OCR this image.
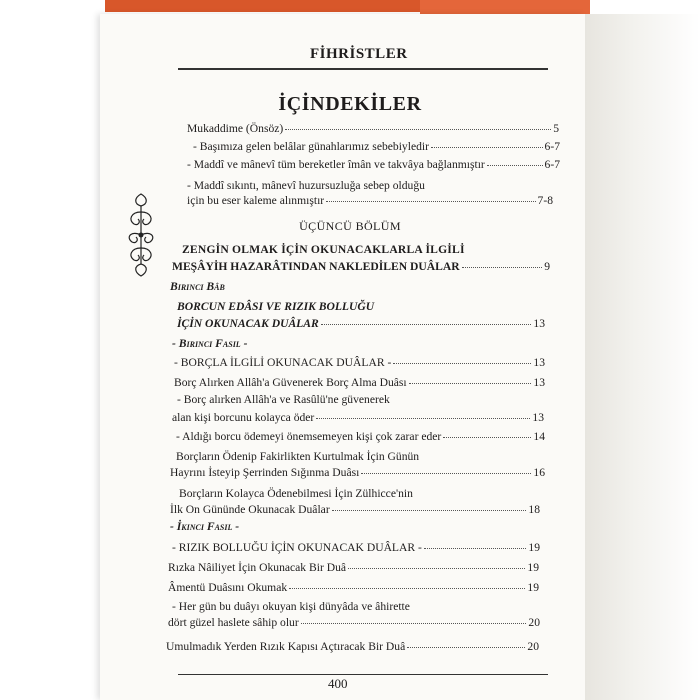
FİHRİSTLER
İÇİNDEKİLER
Mukaddime (Önsöz)	5
- Başımıza gelen belâlar günahlarımız sebebiyledir	6-7
- Maddî ve mânevî tüm bereketler îmân ve takvâya bağlanmıştır	6-7
- Maddî sıkıntı, mânevî huzursuzluğa sebep olduğu
için bu eser kaleme alınmıştır	7-8
ÜÇÜNCÜ BÖLÜM
ZENGİN OLMAK İÇİN OKUNACAKLARLA İLGİLİ
MEŞÂYİH HAZARÂTINDAN NAKLEDİLEN DUÂLAR	9
Birinci Bâb
BORCUN EDÂSI VE RIZIK BOLLUĞU
İÇİN OKUNACAK DUÂLAR	13
- Birinci Fasıl -
- BORÇLA İLGİLİ OKUNACAK DUÂLAR -	13
Borç Alırken Allâh'a Güvenerek Borç Alma Duâsı	13
- Borç alırken Allâh'a ve Rasûlü'ne güvenerek
alan kişi borcunu kolayca öder	13
- Aldığı borcu ödemeyi önemsemeyen kişi çok zarar eder	14
Borçların Ödenip Fakirlikten Kurtulmak İçin Günün
Hayrını İsteyip Şerrinden Sığınma Duâsı	16
Borçların Kolayca Ödenebilmesi İçin Zülhicce'nin
İlk On Gününde Okunacak Duâlar	18
- İkinci Fasıl -
- RIZIK BOLLUĞU İÇİN OKUNACAK DUÂLAR -	19
Rızka Nâiliyet İçin Okunacak Bir Duâ	19
Âmentü Duâsını Okumak	19
- Her gün bu duâyı okuyan kişi dünyâda ve âhirette
dört güzel haslete sâhip olur	20
Umulmadık Yerden Rızık Kapısı Açtıracak Bir Duâ	20
400
